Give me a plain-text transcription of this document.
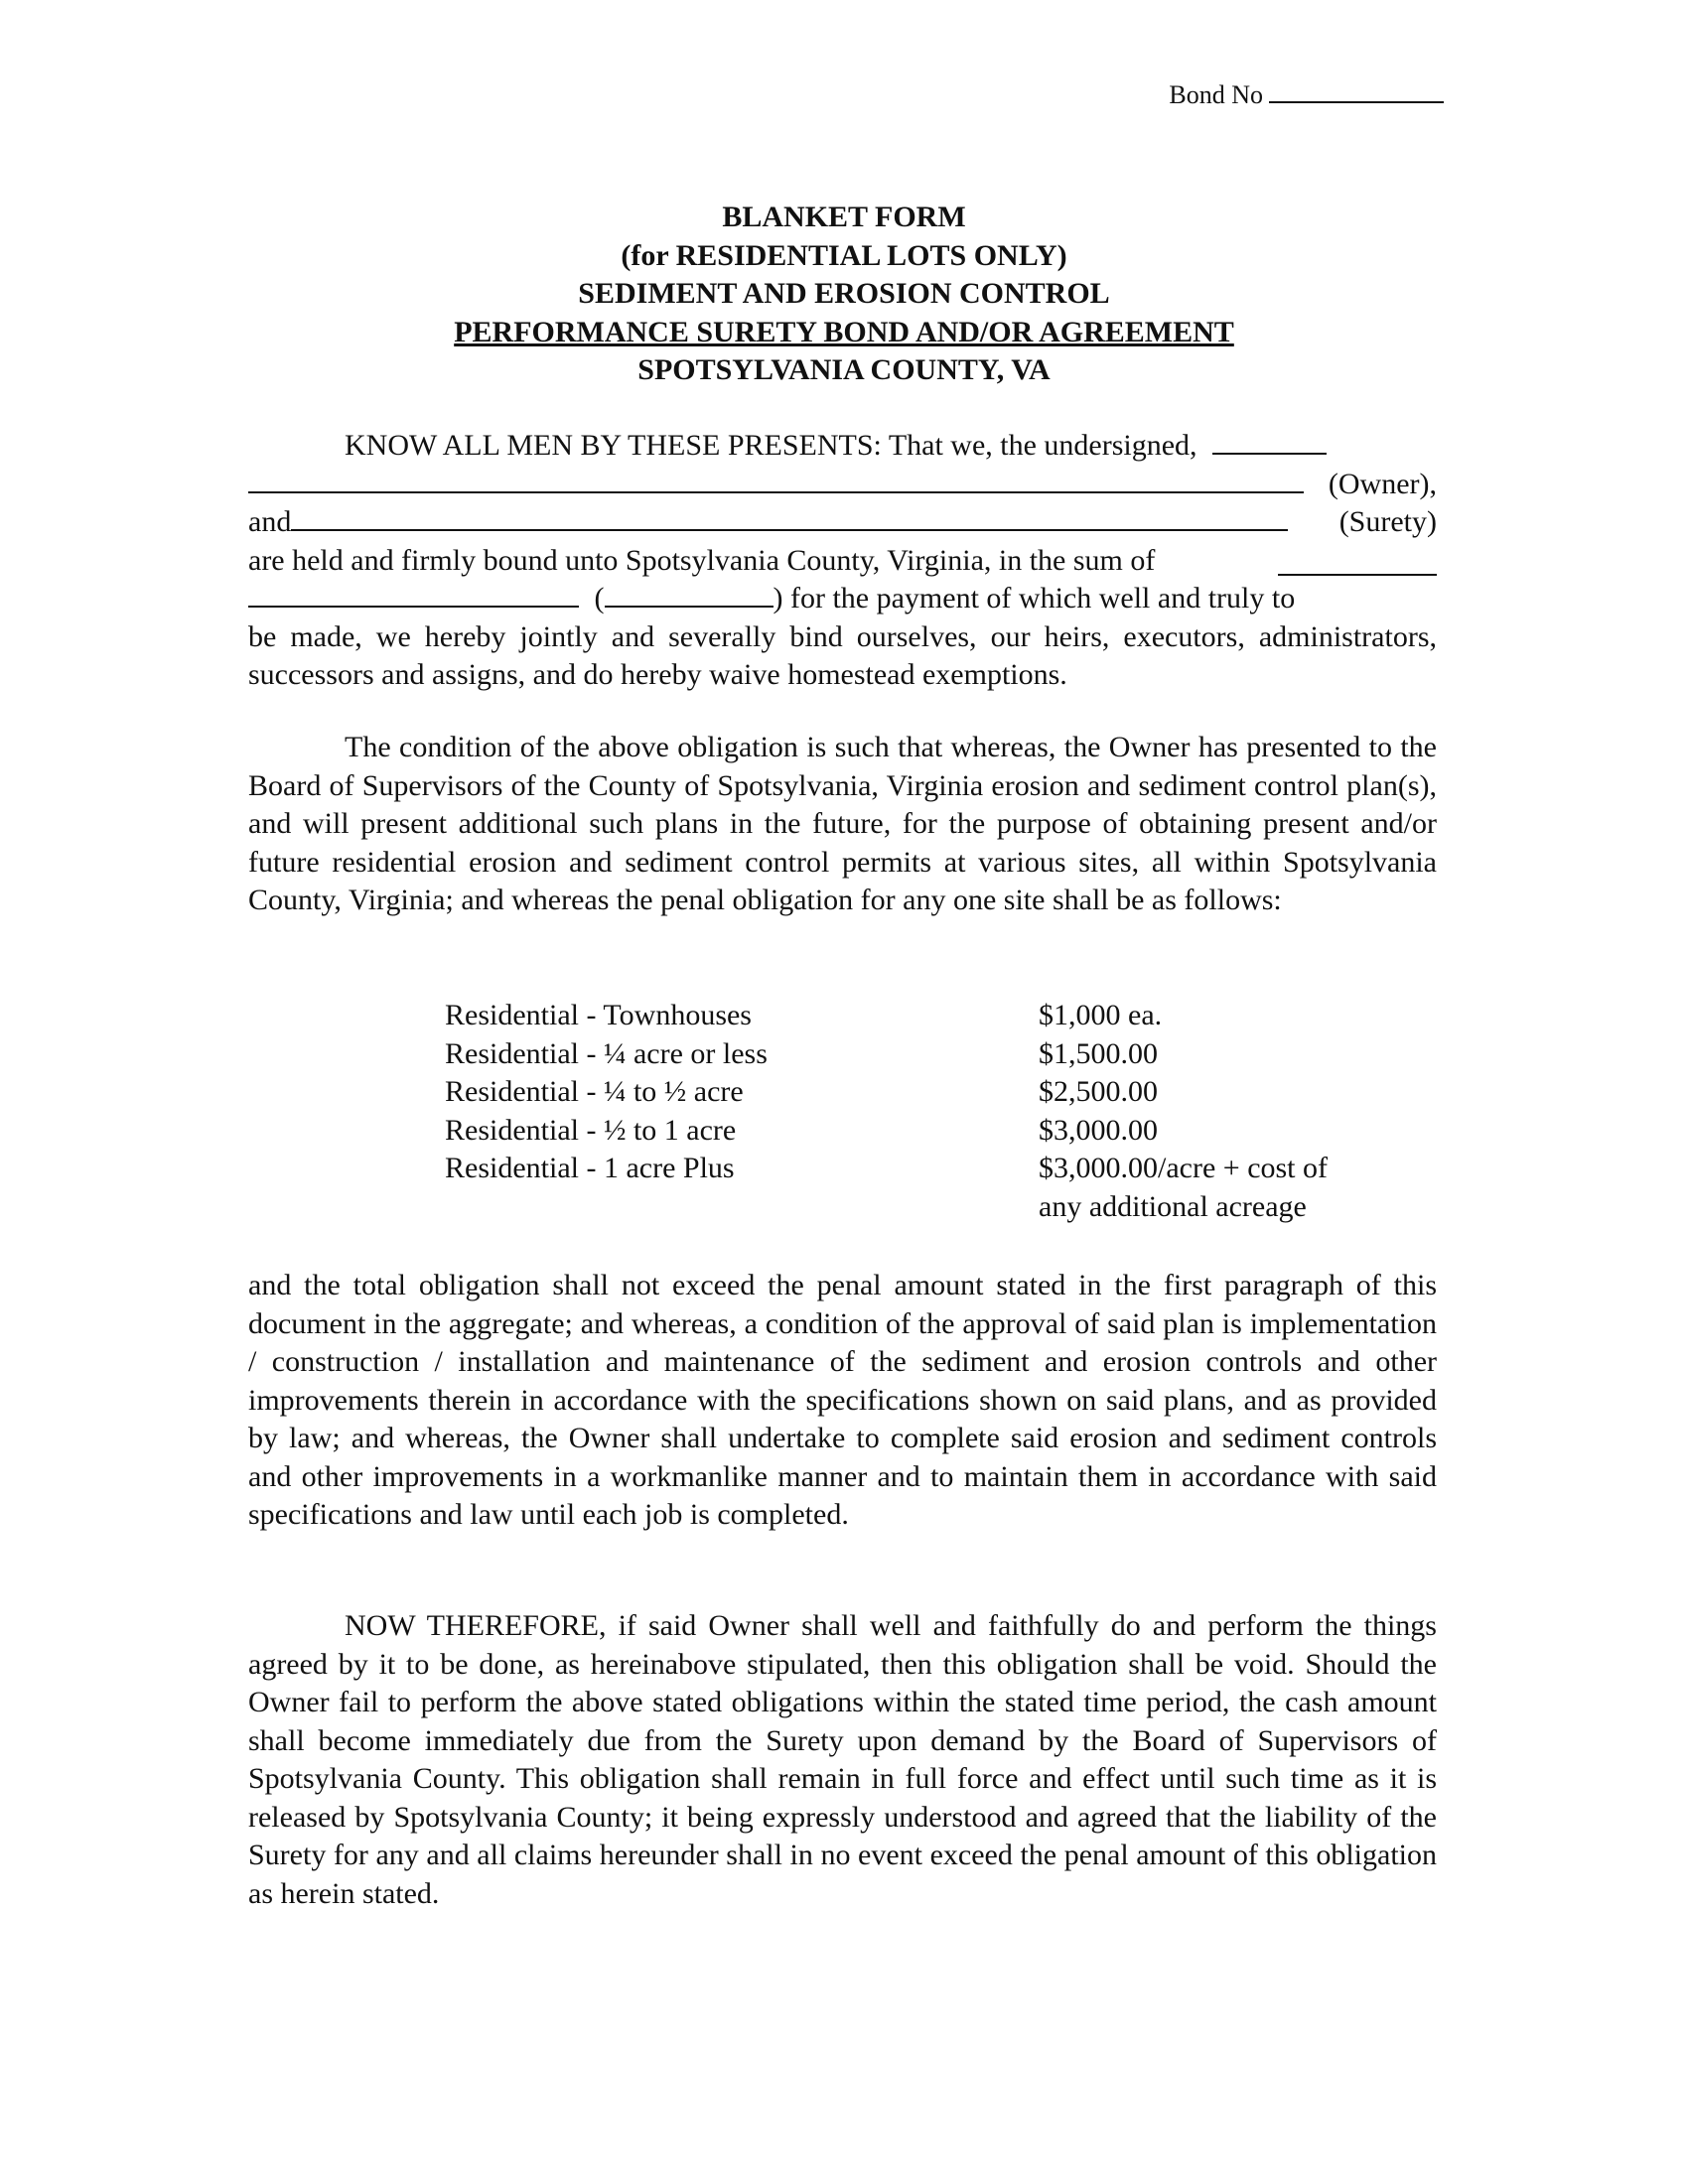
Bond No
BLANKET FORM
(for RESIDENTIAL LOTS ONLY)
SEDIMENT AND EROSION CONTROL
PERFORMANCE SURETY BOND AND/OR AGREEMENT
SPOTSYLVANIA COUNTY, VA
KNOW ALL MEN BY THESE PRESENTS: That we, the undersigned,
(Owner),
and	(Surety)
are held and firmly bound unto Spotsylvania County, Virginia, in the sum of
(	) for the payment of which well and truly to
be made, we hereby jointly and severally bind ourselves, our heirs, executors, administrators, successors and assigns, and do hereby waive homestead exemptions.

The condition of the above obligation is such that whereas, the Owner has presented to the Board of Supervisors of the County of Spotsylvania, Virginia erosion and sediment control plan(s), and will present additional such plans in the future, for the purpose of obtaining present and/or future residential erosion and sediment control permits at various sites, all within Spotsylvania County, Virginia; and whereas the penal obligation for any one site shall be as follows:

Residential - Townhouses	$1,000 ea.
Residential - ¼ acre or less	$1,500.00
Residential - ¼ to ½ acre	$2,500.00
Residential - ½ to 1 acre	$3,000.00
Residential - 1 acre Plus	$3,000.00/acre + cost of
any additional acreage

and the total obligation shall not exceed the penal amount stated in the first paragraph of this document in the aggregate; and whereas, a condition of the approval of said plan is implementation / construction / installation and maintenance of the sediment and erosion controls and other improvements therein in accordance with the specifications shown on said plans, and as provided by law; and whereas, the Owner shall undertake to complete said erosion and sediment controls and other improvements in a workmanlike manner and to maintain them in accordance with said specifications and law until each job is completed.

NOW THEREFORE, if said Owner shall well and faithfully do and perform the things agreed by it to be done, as hereinabove stipulated, then this obligation shall be void. Should the Owner fail to perform the above stated obligations within the stated time period, the cash amount shall become immediately due from the Surety upon demand by the Board of Supervisors of Spotsylvania County. This obligation shall remain in full force and effect until such time as it is released by Spotsylvania County; it being expressly understood and agreed that the liability of the Surety for any and all claims hereunder shall in no event exceed the penal amount of this obligation as herein stated.
